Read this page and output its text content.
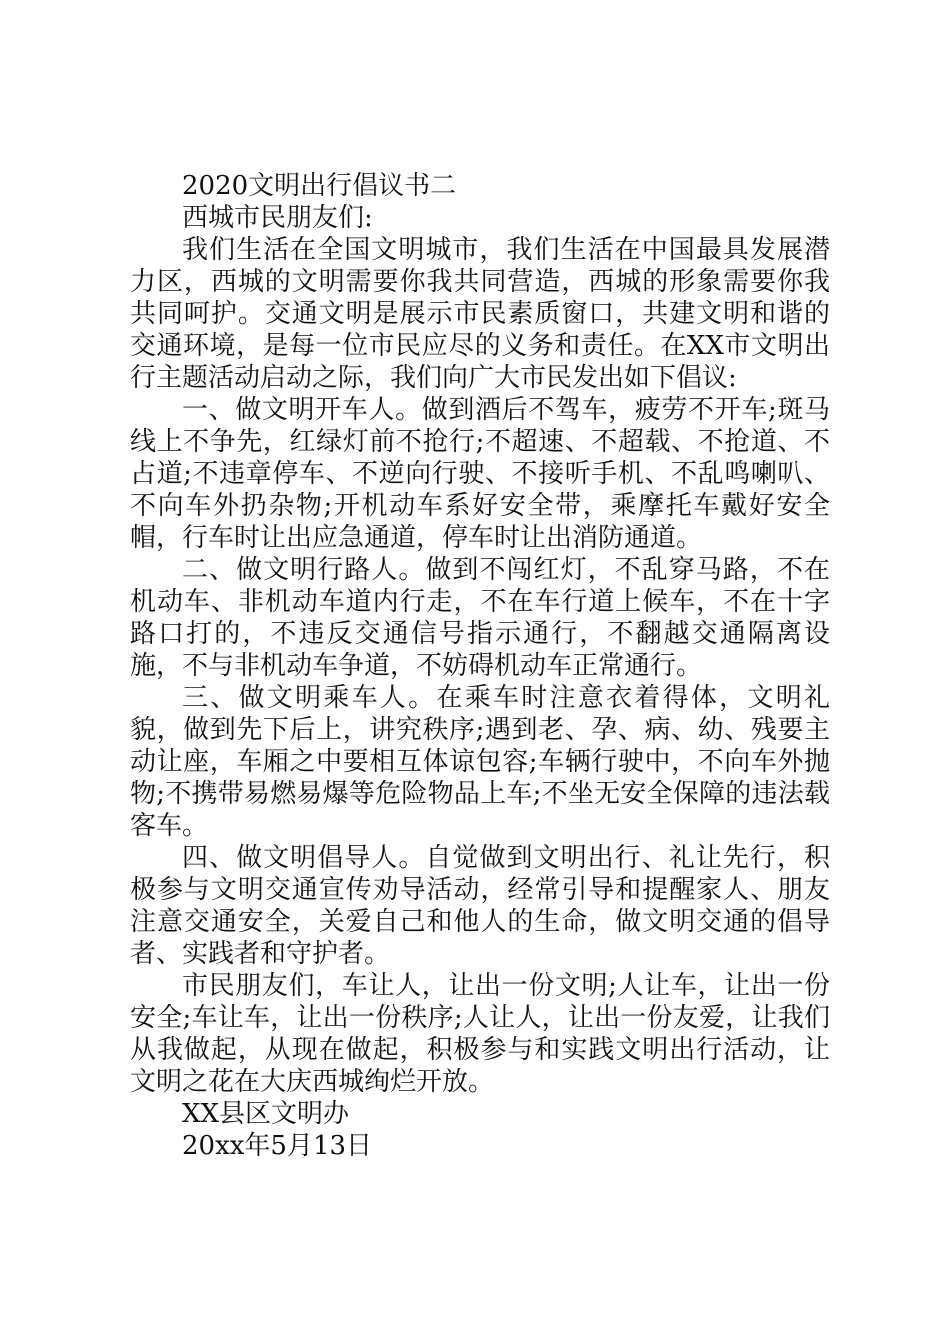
2020文明出行倡议书二

西城市民朋友们:

我们生活在全国文明城市，我们生活在中国最具发展潜力区，西城的文明需要你我共同营造，西城的形象需要你我共同呵护。交通文明是展示市民素质窗口，共建文明和谐的交通环境，是每一位市民应尽的义务和责任。在XX市文明出行主题活动启动之际，我们向广大市民发出如下倡议:

一、做文明开车人。做到酒后不驾车，疲劳不开车;斑马线上不争先，红绿灯前不抢行;不超速、不超载、不抢道、不占道;不违章停车、不逆向行驶、不接听手机、不乱鸣喇叭、不向车外扔杂物;开机动车系好安全带，乘摩托车戴好安全帽，行车时让出应急通道，停车时让出消防通道。

二、做文明行路人。做到不闯红灯，不乱穿马路，不在机动车、非机动车道内行走，不在车行道上候车，不在十字路口打的，不违反交通信号指示通行，不翻越交通隔离设施，不与非机动车争道，不妨碍机动车正常通行。

三、做文明乘车人。在乘车时注意衣着得体，文明礼貌，做到先下后上，讲究秩序;遇到老、孕、病、幼、残要主动让座，车厢之中要相互体谅包容;车辆行驶中，不向车外抛物;不携带易燃易爆等危险物品上车;不坐无安全保障的违法载客车。

四、做文明倡导人。自觉做到文明出行、礼让先行，积极参与文明交通宣传劝导活动，经常引导和提醒家人、朋友注意交通安全，关爱自己和他人的生命，做文明交通的倡导者、实践者和守护者。

市民朋友们，车让人，让出一份文明;人让车，让出一份安全;车让车，让出一份秩序;人让人，让出一份友爱，让我们从我做起，从现在做起，积极参与和实践文明出行活动，让文明之花在大庆西城绚烂开放。

XX县区文明办

20xx年5月13日
